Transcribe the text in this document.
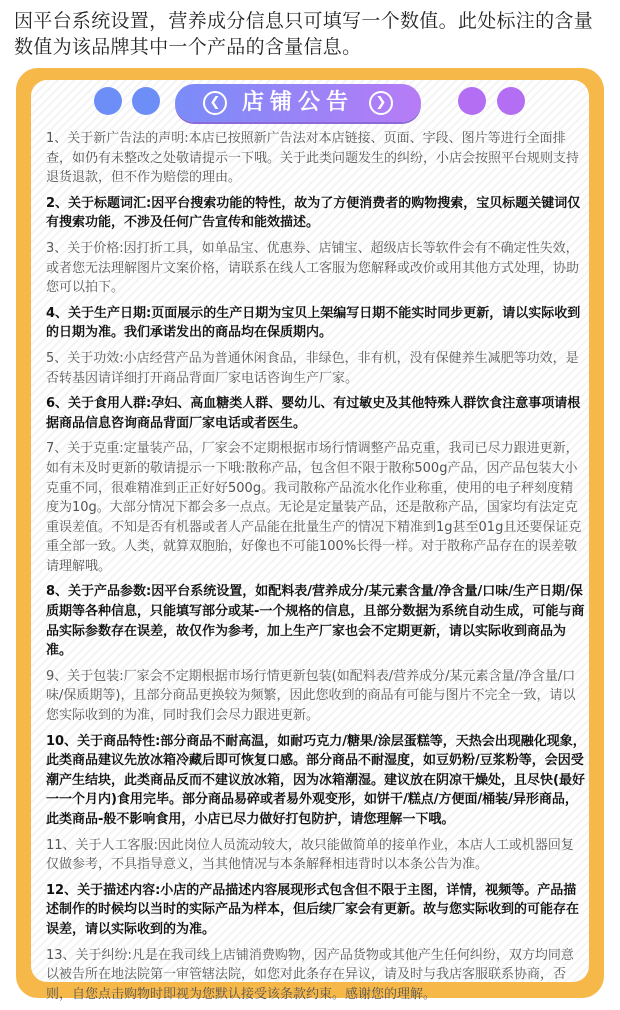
因平台系统设置，营养成分信息只可填写一个数值。此处标注的含量数值为该品牌其中一个产品的含量信息。
❮ 店铺公告	❯

1、关于新广告法的声明:本店已按照新广告法对本店链接、页面、字段、图片等进行全面排查，如仍有未整改之处敬请提示一下哦。关于此类问题发生的纠纷，小店会按照平台规则支持退货退款，但不作为赔偿的理由。

2、关于标题词汇:因平台搜索功能的特性，故为了方便消费者的购物搜索，宝贝标题关键词仅有搜索功能，不涉及任何广告宣传和能效描述。

3、关于价格:因打折工具，如单品宝、优惠券、店铺宝、超级店长等软件会有不确定性失效，或者您无法理解图片文案价格，请联系在线人工客服为您解释或改价或用其他方式处理，协助您可以拍下。

4、关于生产日期:页面展示的生产日期为宝贝上架编写日期不能实时同步更新，请以实际收到的日期为准。我们承诺发出的商品均在保质期内。

5、关于功效:小店经营产品为普通休闲食品，非绿色，非有机，没有保健养生减肥等功效，是否转基因请详细打开商品背面厂家电话咨询生产厂家。

6、关于食用人群:孕妇、高血糖类人群、婴幼儿、有过敏史及其他特殊人群饮食注意事项请根据商品信息咨询商品背面厂家电话或者医生。

7、关于克重:定量装产品，厂家会不定期根据市场行情调整产品克重，我司已尽力跟进更新，如有未及时更新的敬请提示一下哦:散称产品，包含但不限于散称500g产品，因产品包装大小克重不同，很难精准到正正好好500g。我司散称产品流水化作业称重，使用的电子秤刻度精度为10g。大部分情况下都会多一点点。无论是定量装产品，还是散称产品，国家均有法定克重误差值。不知是否有机器或者人产品能在批量生产的情况下精准到1g甚至01g且还要保证克重全部一致。人类，就算双胞胎，好像也不可能100%长得一样。对于散称产品存在的误差敬请理解哦。

8、关于产品参数:因平台系统设置，如配料表/营养成分/某元素含量/净含量/口味/生产日期/保质期等各种信息，只能填写部分或某-一个规格的信息，且部分数据为系统自动生成，可能与商品实际参数存在误差，故仅作为参考，加上生产厂家也会不定期更新，请以实际收到商品为准。

9、关于包装:厂家会不定期根据市场行情更新包装(如配料表/营养成分/某元素含量/净含量/口味/保质期等)，且部分商品更换较为频繁，因此您收到的商品有可能与图片不完全一致，请以您实际收到的为准，同时我们会尽力跟进更新。

10、关于商品特性:部分商品不耐高温，如耐巧克力/糖果/涂层蛋糕等，天热会出现融化现象，此类商品建议先放冰箱冷藏后即可恢复口感。部分商品不耐湿度，如豆奶粉/豆浆粉等，会因受潮产生结块，此类商品反而不建议放冰箱，因为冰箱潮湿。建议放在阴凉干燥处，且尽快(最好一一个月内)食用完毕。部分商品易碎或者易外观变形，如饼干/糕点/方便面/桶装/异形商品，此类商品-般不影响食用，小店已尽力做好打包防护，请您理解一下哦。

11、关于人工客服:因此岗位人员流动较大，故只能做简单的接单作业，本店人工或机器回复仅做参考，不具指导意义，当其他情况与本条解释相违背时以本条公告为准。

12、关于描述内容:小店的产品描述内容展现形式包含但不限于主图，详情，视频等。产品描述制作的时候均以当时的实际产品为样本，但后续厂家会有更新。故与您实际收到的可能存在误差，请以实际收到的为准。

13、关于纠纷:凡是在我司线上店铺消费购物，因产品货物或其他产生任何纠纷，双方均同意以被告所在地法院第一审管辖法院，如您对此条存在异议，请及时与我店客服联系协商，否则，自您点击购物时即视为您默认接受该条款约束。感谢您的理解。
